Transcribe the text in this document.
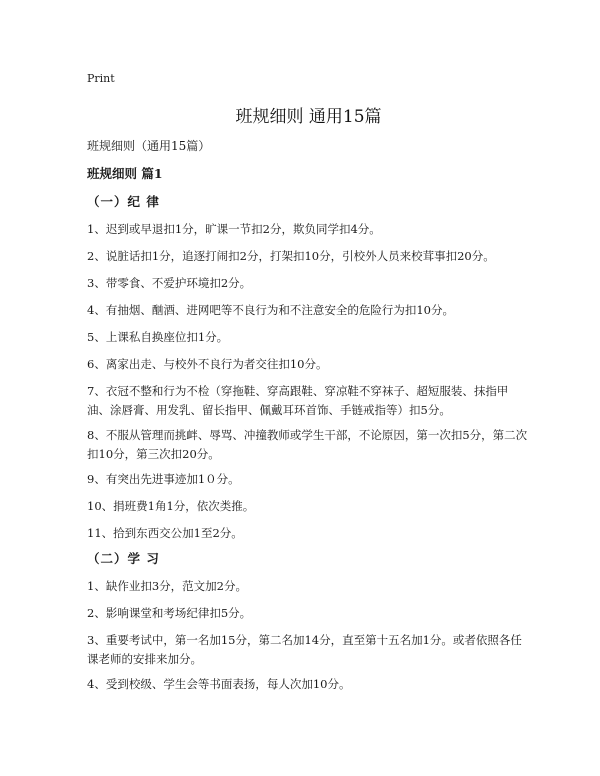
Print
班规细则 通用15篇
班规细则（通用15篇）
班规细则 篇1
（一）纪 律

1、迟到或早退扣1分，旷课一节扣2分，欺负同学扣4分。

2、说脏话扣1分，追逐打闹扣2分，打架扣10分，引校外人员来校茸事扣20分。

3、带零食、不爱护环境扣2分。

4、有抽烟、酗酒、进网吧等不良行为和不注意安全的危险行为扣10分。

5、上课私自换座位扣1分。

6、离家出走、与校外不良行为者交往扣10分。

7、衣冠不整和行为不检（穿拖鞋、穿高跟鞋、穿凉鞋不穿袜子、超短服装、抹指甲油、涂唇膏、用发乳、留长指甲、佩戴耳环首饰、手链戒指等）扣5分。

8、不服从管理而挑衅、辱骂、冲撞教师或学生干部，不论原因，第一次扣5分，第二次扣10分，第三次扣20分。

9、有突出先进事迹加1０分。

10、捐班费1角1分，依次类推。

11、拾到东西交公加1至2分。

（二）学 习

1、缺作业扣3分，范文加2分。

2、影响课堂和考场纪律扣5分。

3、重要考试中，第一名加15分，第二名加14分，直至第十五名加1分。或者依照各任课老师的安排来加分。

4、受到校级、学生会等书面表扬，每人次加10分。
